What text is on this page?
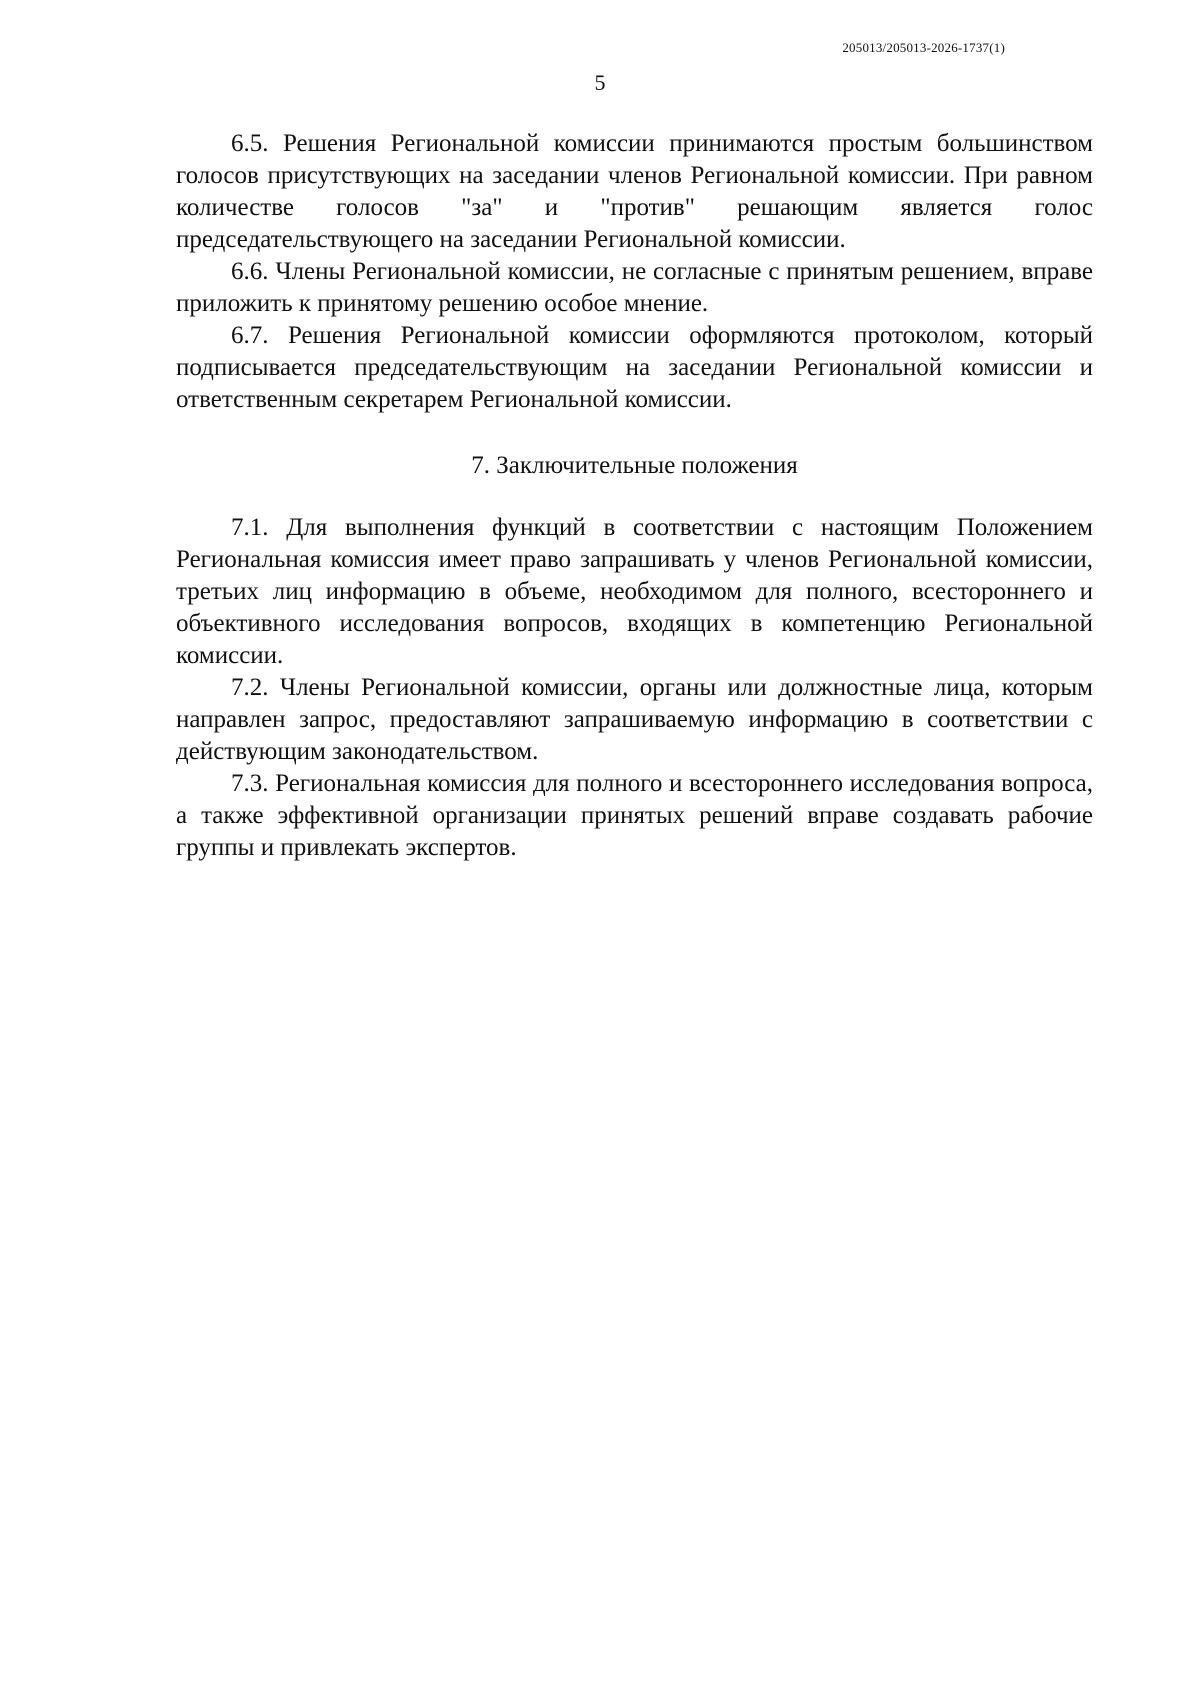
205013/205013-2026-1737(1)
5

6.5. Решения Региональной комиссии принимаются простым большинством голосов присутствующих на заседании членов Региональной комиссии. При равном количестве голосов "за" и "против" решающим является голос председательствующего на заседании Региональной комиссии.

6.6. Члены Региональной комиссии, не согласные с принятым решением, вправе приложить к принятому решению особое мнение.

6.7. Решения Региональной комиссии оформляются протоколом, который подписывается председательствующим на заседании Региональной комиссии и ответственным секретарем Региональной комиссии.

7. Заключительные положения

7.1. Для выполнения функций в соответствии с настоящим Положением Региональная комиссия имеет право запрашивать у членов Региональной комиссии, третьих лиц информацию в объеме, необходимом для полного, всестороннего и объективного исследования вопросов, входящих в компетенцию Региональной комиссии.

7.2. Члены Региональной комиссии, органы или должностные лица, которым направлен запрос, предоставляют запрашиваемую информацию в соответствии с действующим законодательством.

7.3. Региональная комиссия для полного и всестороннего исследования вопроса, а также эффективной организации принятых решений вправе создавать рабочие группы и привлекать экспертов.
